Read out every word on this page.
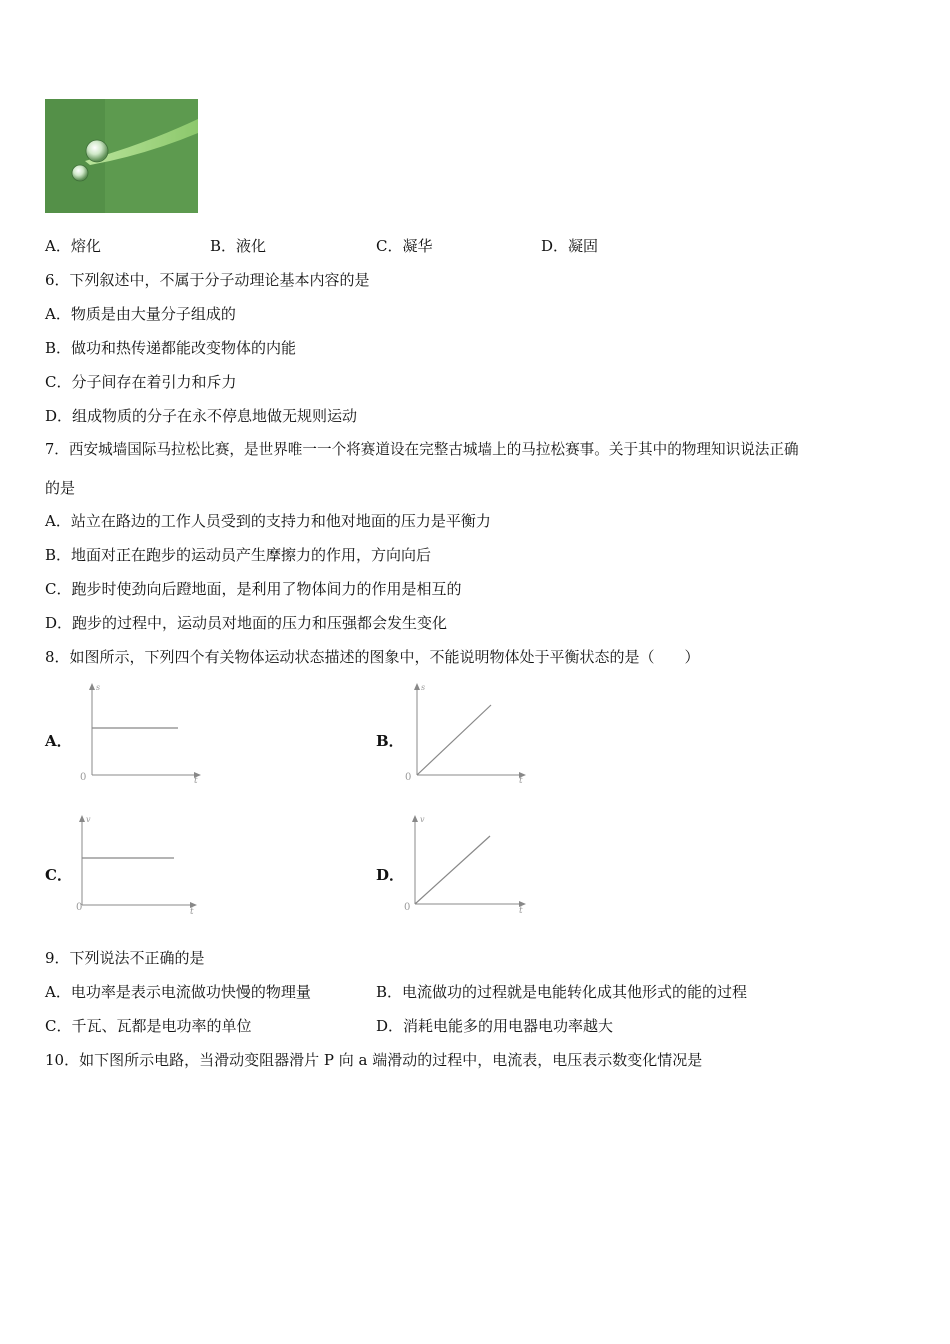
A．熔化	B．液化	C．凝华	D．凝固
6．下列叙述中，不属于分子动理论基本内容的是
A．物质是由大量分子组成的
B．做功和热传递都能改变物体的内能
C．分子间存在着引力和斥力
D．组成物质的分子在永不停息地做无规则运动
7．西安城墙国际马拉松比赛，是世界唯一一个将赛道设在完整古城墙上的马拉松赛事。关于其中的物理知识说法正确
的是
A．站立在路边的工作人员受到的支持力和他对地面的压力是平衡力
B．地面对正在跑步的运动员产生摩擦力的作用，方向向后
C．跑步时使劲向后蹬地面，是利用了物体间力的作用是相互的
D．跑步的过程中，运动员对地面的压力和压强都会发生变化
8．如图所示，下列四个有关物体运动状态描述的图象中，不能说明物体处于平衡状态的是（　　）
A．
s
t
0
B．
s
t
0
C．
v
t
0
D．
v
t
0
9．下列说法不正确的是
A．电功率是表示电流做功快慢的物理量	B．电流做功的过程就是电能转化成其他形式的能的过程
C．千瓦、瓦都是电功率的单位	D．消耗电能多的用电器电功率越大
10．如下图所示电路，当滑动变阻器滑片 P 向 a 端滑动的过程中，电流表，电压表示数变化情况是
